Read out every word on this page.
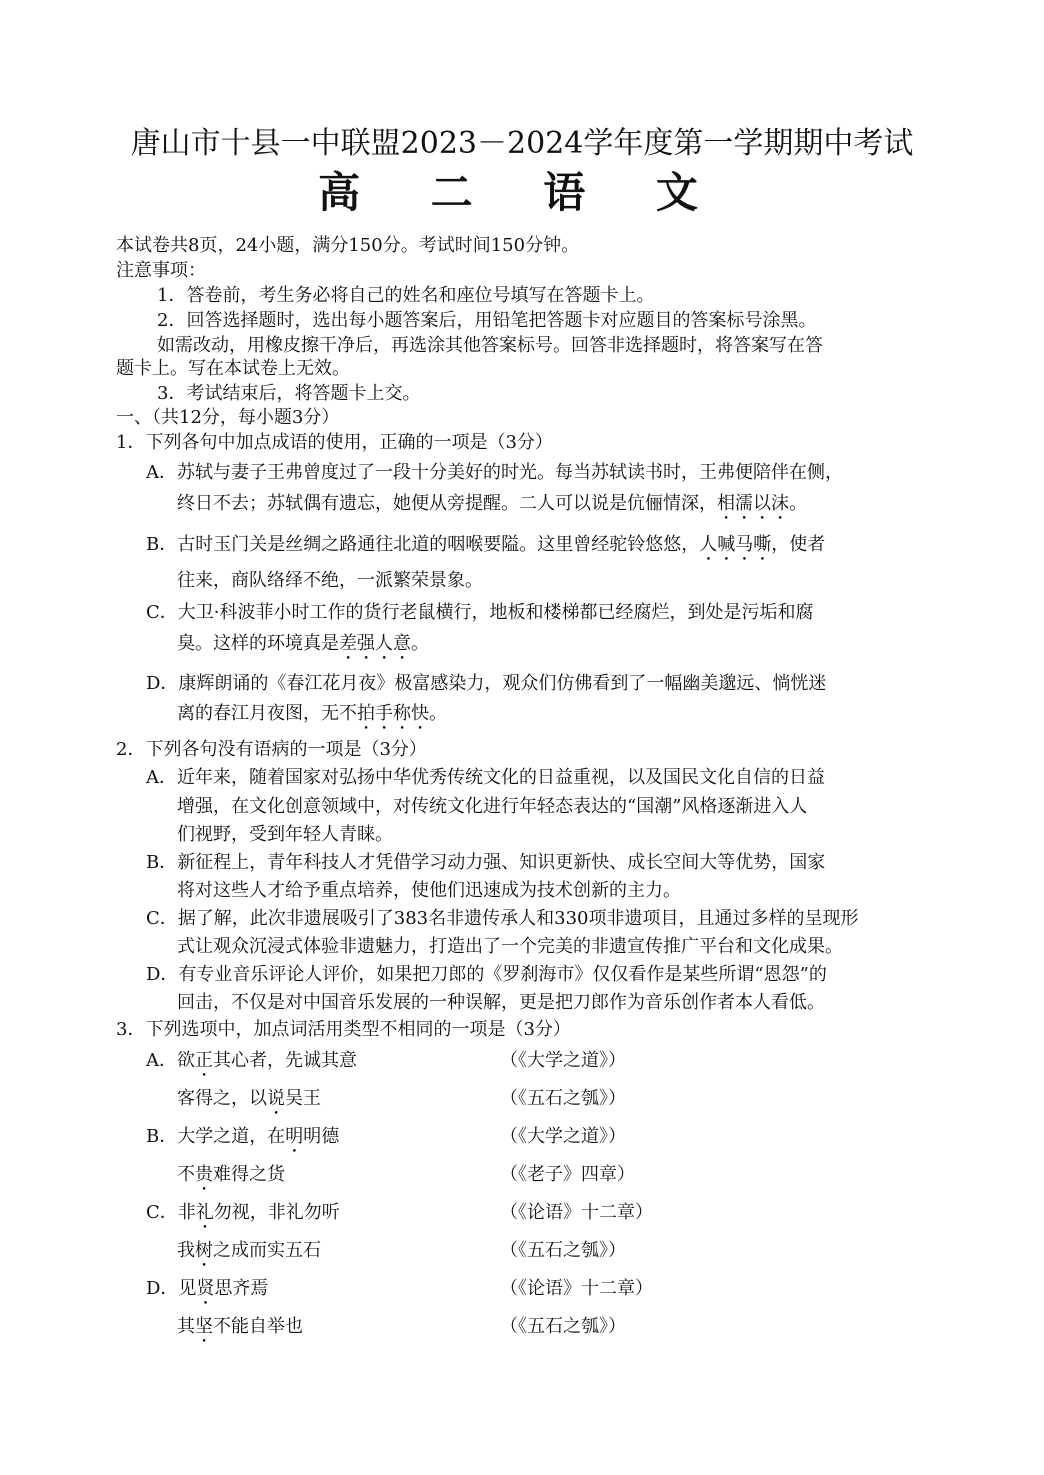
唐山市十县一中联盟2023－2024学年度第一学期期中考试
高 二 语 文
本试卷共8页，24小题，满分150分。考试时间150分钟。
注意事项：
1．答卷前，考生务必将自己的姓名和座位号填写在答题卡上。
2．回答选择题时，选出每小题答案后，用铅笔把答题卡对应题目的答案标号涂黑。
如需改动，用橡皮擦干净后，再选涂其他答案标号。回答非选择题时，将答案写在答
题卡上。写在本试卷上无效。
3．考试结束后，将答题卡上交。
一、（共12分，每小题3分）
1．下列各句中加点成语的使用，正确的一项是（3分）
A．苏轼与妻子王弗曾度过了一段十分美好的时光。每当苏轼读书时，王弗便陪伴在侧，
终日不去；苏轼偶有遗忘，她便从旁提醒。二人可以说是伉俪情深，相濡以沫。
B．古时玉门关是丝绸之路通往北道的咽喉要隘。这里曾经驼铃悠悠，人喊马嘶，使者
往来，商队络绎不绝，一派繁荣景象。
C．大卫·科波菲小时工作的货行老鼠横行，地板和楼梯都已经腐烂，到处是污垢和腐
臭。这样的环境真是差强人意。
D．康辉朗诵的《春江花月夜》极富感染力，观众们仿佛看到了一幅幽美邈远、惝恍迷
离的春江月夜图，无不拍手称快。
2．下列各句没有语病的一项是（3分）
A．近年来，随着国家对弘扬中华优秀传统文化的日益重视，以及国民文化自信的日益
增强，在文化创意领域中，对传统文化进行年轻态表达的“国潮”风格逐渐进入人
们视野，受到年轻人青睐。
B．新征程上，青年科技人才凭借学习动力强、知识更新快、成长空间大等优势，国家
将对这些人才给予重点培养，使他们迅速成为技术创新的主力。
C．据了解，此次非遗展吸引了383名非遗传承人和330项非遗项目，且通过多样的呈现形
式让观众沉浸式体验非遗魅力，打造出了一个完美的非遗宣传推广平台和文化成果。
D．有专业音乐评论人评价，如果把刀郎的《罗刹海市》仅仅看作是某些所谓“恩怨”的
回击，不仅是对中国音乐发展的一种误解，更是把刀郎作为音乐创作者本人看低。
3．下列选项中，加点词活用类型不相同的一项是（3分）
A．欲正其心者，先诚其意	（《大学之道》）
客得之，以说吴王	（《五石之瓠》）
B．大学之道，在明明德	（《大学之道》）
不贵难得之货	（《老子》四章）
C．非礼勿视，非礼勿听	（《论语》十二章）
我树之成而实五石	（《五石之瓠》）
D．见贤思齐焉	（《论语》十二章）
其坚不能自举也	（《五石之瓠》）
